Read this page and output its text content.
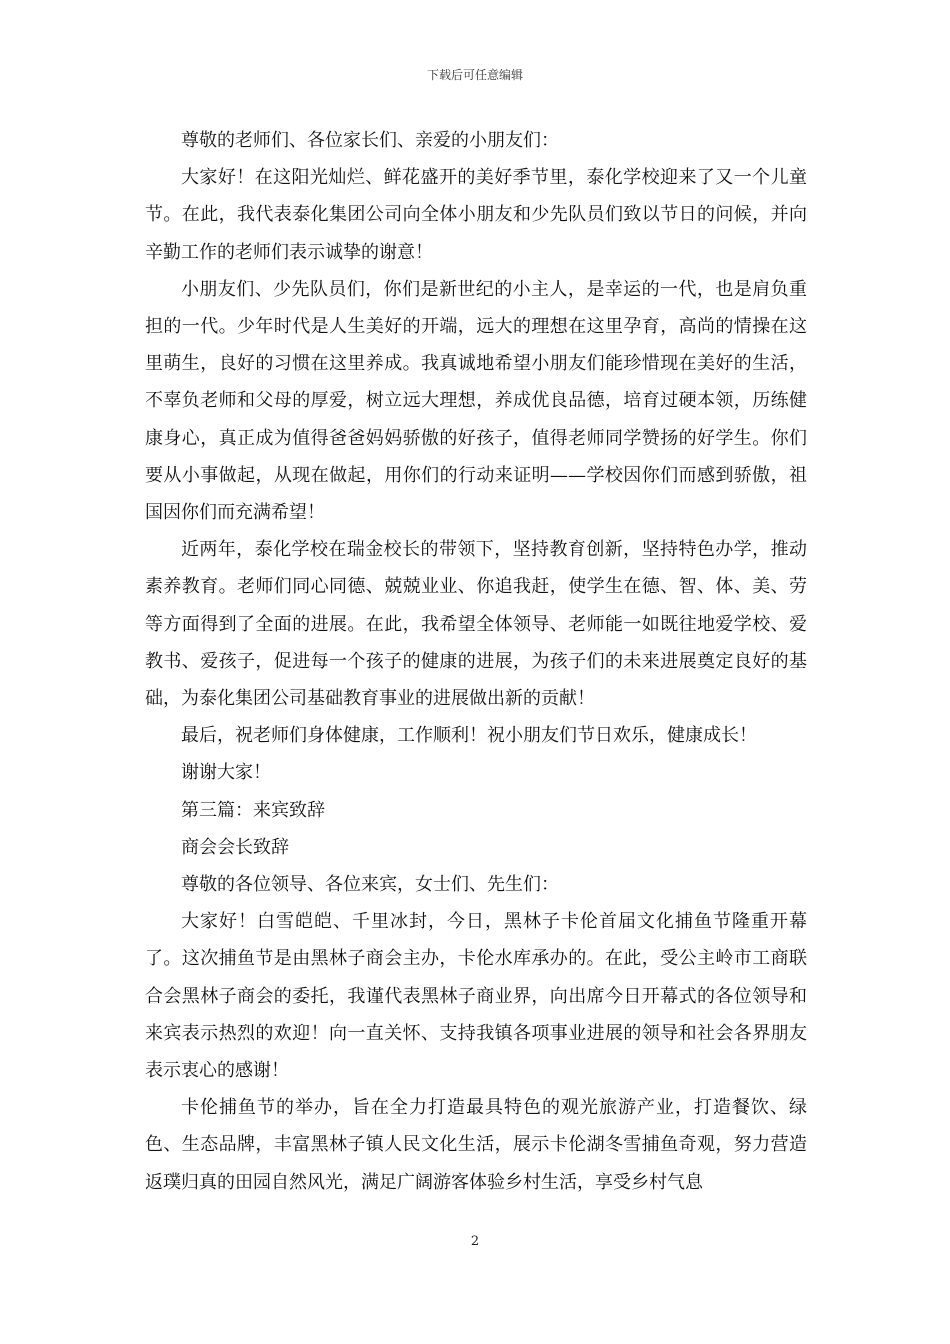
下载后可任意编辑

尊敬的老师们、各位家长们、亲爱的小朋友们：

大家好！在这阳光灿烂、鲜花盛开的美好季节里，泰化学校迎来了又一个儿童节。在此，我代表泰化集团公司向全体小朋友和少先队员们致以节日的问候，并向辛勤工作的老师们表示诚挚的谢意！

小朋友们、少先队员们，你们是新世纪的小主人，是幸运的一代，也是肩负重担的一代。少年时代是人生美好的开端，远大的理想在这里孕育，高尚的情操在这里萌生，良好的习惯在这里养成。我真诚地希望小朋友们能珍惜现在美好的生活，不辜负老师和父母的厚爱，树立远大理想，养成优良品德，培育过硬本领，历练健康身心，真正成为值得爸爸妈妈骄傲的好孩子，值得老师同学赞扬的好学生。你们要从小事做起，从现在做起，用你们的行动来证明——学校因你们而感到骄傲，祖国因你们而充满希望！

近两年，泰化学校在瑞金校长的带领下，坚持教育创新，坚持特色办学，推动素养教育。老师们同心同德、兢兢业业、你追我赶，使学生在德、智、体、美、劳等方面得到了全面的进展。在此，我希望全体领导、老师能一如既往地爱学校、爱教书、爱孩子，促进每一个孩子的健康的进展，为孩子们的未来进展奠定良好的基础，为泰化集团公司基础教育事业的进展做出新的贡献！

最后，祝老师们身体健康，工作顺利！祝小朋友们节日欢乐，健康成长！

谢谢大家！

第三篇：来宾致辞

商会会长致辞

尊敬的各位领导、各位来宾，女士们、先生们：

大家好！白雪皑皑、千里冰封，今日，黑林子卡伦首届文化捕鱼节隆重开幕了。这次捕鱼节是由黑林子商会主办，卡伦水库承办的。在此，受公主岭市工商联合会黑林子商会的委托，我谨代表黑林子商业界，向出席今日开幕式的各位领导和来宾表示热烈的欢迎！向一直关怀、支持我镇各项事业进展的领导和社会各界朋友表示衷心的感谢！

卡伦捕鱼节的举办，旨在全力打造最具特色的观光旅游产业，打造餐饮、绿色、生态品牌，丰富黑林子镇人民文化生活，展示卡伦湖冬雪捕鱼奇观，努力营造返璞归真的田园自然风光，满足广阔游客体验乡村生活，享受乡村气息

2
